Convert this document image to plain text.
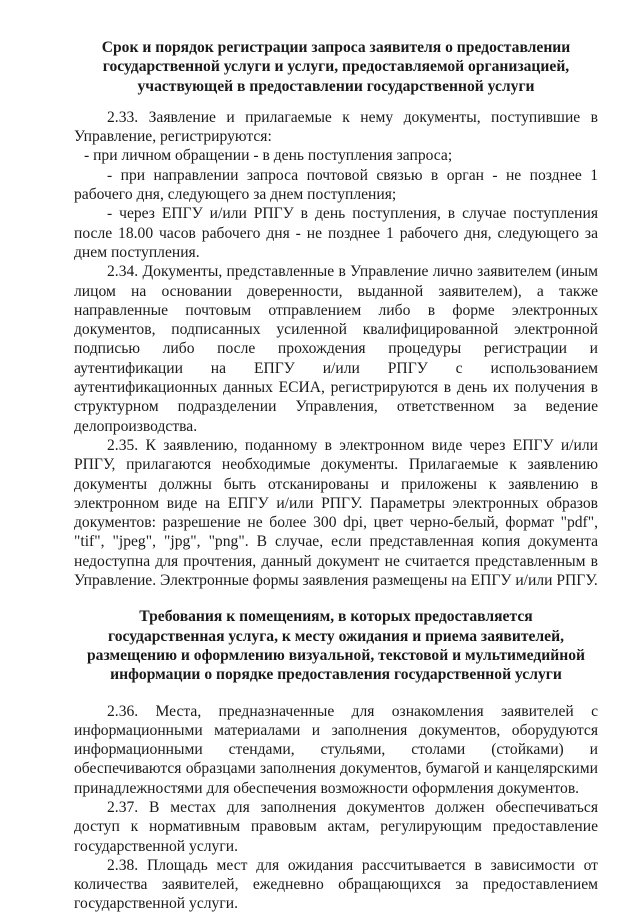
Срок и порядок регистрации запроса заявителя о предоставлении
государственной услуги и услуги, предоставляемой организацией,
участвующей в предоставлении государственной услуги

2.33. Заявление и прилагаемые к нему документы, поступившие в Управление, регистрируются:

- при личном обращении - в день поступления запроса;

- при направлении запроса почтовой связью в орган - не позднее 1 рабочего дня, следующего за днем поступления;

- через ЕПГУ и/или РПГУ в день поступления, в случае поступления после 18.00 часов рабочего дня - не позднее 1 рабочего дня, следующего за днем поступления.

2.34. Документы, представленные в Управление лично заявителем (иным лицом на основании доверенности, выданной заявителем), а также направленные почтовым отправлением либо в форме электронных документов, подписанных усиленной квалифицированной электронной подписью либо после прохождения процедуры регистрации и аутентификации на ЕПГУ и/или РПГУ с использованием аутентификационных данных ЕСИА, регистрируются в день их получения в структурном подразделении Управления, ответственном за ведение делопроизводства.

2.35. К заявлению, поданному в электронном виде через ЕПГУ и/или РПГУ, прилагаются необходимые документы. Прилагаемые к заявлению документы должны быть отсканированы и приложены к заявлению в электронном виде на ЕПГУ и/или РПГУ. Параметры электронных образов документов: разрешение не более 300 dpi, цвет черно-белый, формат "pdf", "tif", "jpeg", "jpg", "png". В случае, если представленная копия документа недоступна для прочтения, данный документ не считается представленным в Управление. Электронные формы заявления размещены на ЕПГУ и/или РПГУ.

Требования к помещениям, в которых предоставляется
государственная услуга, к месту ожидания и приема заявителей,
размещению и оформлению визуальной, текстовой и мультимедийной
информации о порядке предоставления государственной услуги

2.36. Места, предназначенные для ознакомления заявителей с информационными материалами и заполнения документов, оборудуются информационными стендами, стульями, столами (стойками) и обеспечиваются образцами заполнения документов, бумагой и канцелярскими принадлежностями для обеспечения возможности оформления документов.

2.37. В местах для заполнения документов должен обеспечиваться доступ к нормативным правовым актам, регулирующим предоставление государственной услуги.

2.38. Площадь мест для ожидания рассчитывается в зависимости от количества заявителей, ежедневно обращающихся за предоставлением государственной услуги.
